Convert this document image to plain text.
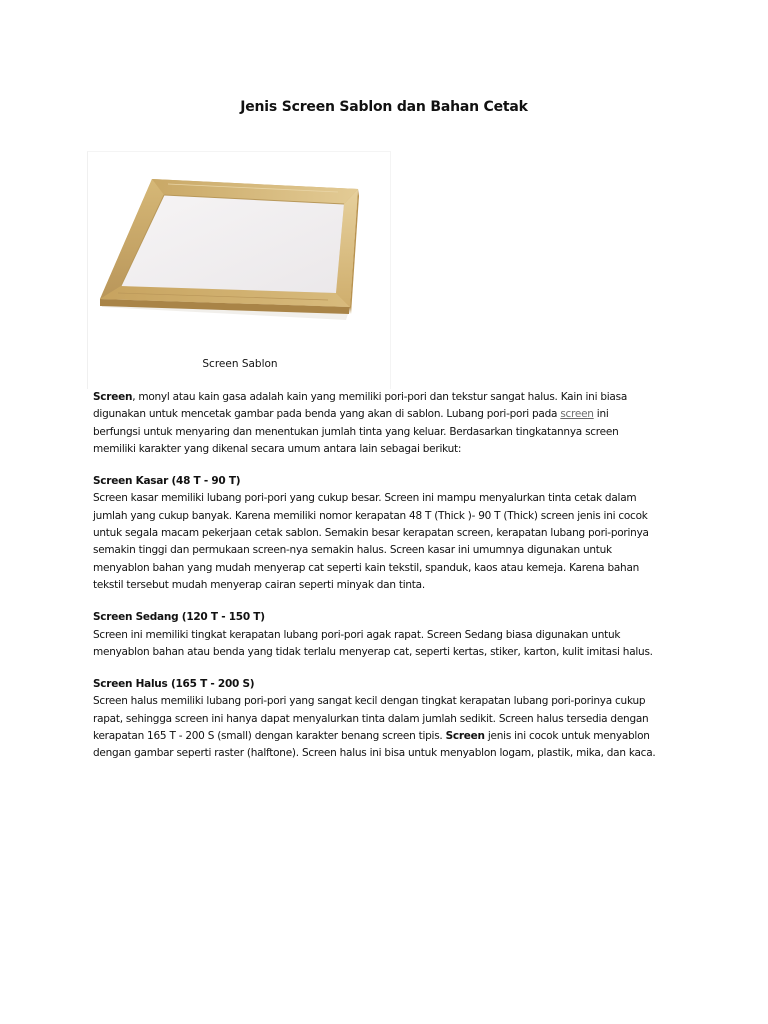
Jenis Screen Sablon dan Bahan Cetak
Screen Sablon
Screen, monyl atau kain gasa adalah kain yang memiliki pori-pori dan tekstur sangat halus. Kain ini biasa
digunakan untuk mencetak gambar pada benda yang akan di sablon. Lubang pori-pori pada screen ini
berfungsi untuk menyaring dan menentukan jumlah tinta yang keluar. Berdasarkan tingkatannya screen
memiliki karakter yang dikenal secara umum antara lain sebagai berikut:
Screen Kasar (48 T - 90 T)
Screen kasar memiliki lubang pori-pori yang cukup besar. Screen ini mampu menyalurkan tinta cetak dalam
jumlah yang cukup banyak. Karena memiliki nomor kerapatan 48 T (Thick )- 90 T (Thick) screen jenis ini cocok
untuk segala macam pekerjaan cetak sablon. Semakin besar kerapatan screen, kerapatan lubang pori-porinya
semakin tinggi dan permukaan screen-nya semakin halus. Screen kasar ini umumnya digunakan untuk
menyablon bahan yang mudah menyerap cat seperti kain tekstil, spanduk, kaos atau kemeja. Karena bahan
tekstil tersebut mudah menyerap cairan seperti minyak dan tinta.
Screen Sedang (120 T - 150 T)
Screen ini memiliki tingkat kerapatan lubang pori-pori agak rapat. Screen Sedang biasa digunakan untuk
menyablon bahan atau benda yang tidak terlalu menyerap cat, seperti kertas, stiker, karton, kulit imitasi halus.
Screen Halus (165 T - 200 S)
Screen halus memiliki lubang pori-pori yang sangat kecil dengan tingkat kerapatan lubang pori-porinya cukup
rapat, sehingga screen ini hanya dapat menyalurkan tinta dalam jumlah sedikit. Screen halus tersedia dengan
kerapatan 165 T - 200 S (small) dengan karakter benang screen tipis. Screen jenis ini cocok untuk menyablon
dengan gambar seperti raster (halftone). Screen halus ini bisa untuk menyablon logam, plastik, mika, dan kaca.
